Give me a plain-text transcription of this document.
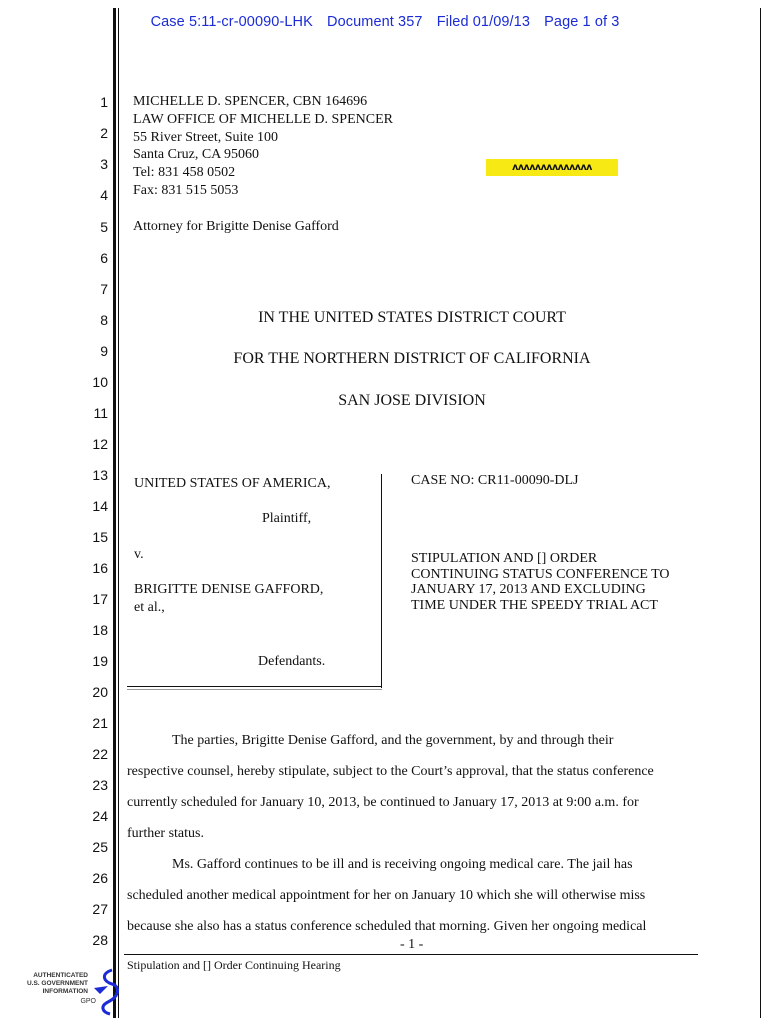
Case 5:11-cr-00090-LHK Document 357 Filed 01/09/13 Page 1 of 3
1
2
3
4
5
6
7
8
9
10
11
12
13
14
15
16
17
18
19
20
21
22
23
24
25
26
27
28
MICHELLE D. SPENCER, CBN 164696
LAW OFFICE OF MICHELLE D. SPENCER
55 River Street, Suite 100
Santa Cruz, CA 95060
Tel: 831 458 0502
Fax: 831 515 5053
ᴧᴧᴧᴧᴧᴧᴧᴧᴧᴧᴧᴧᴧᴧ
Attorney for Brigitte Denise Gafford
IN THE UNITED STATES DISTRICT COURT
FOR THE NORTHERN DISTRICT OF CALIFORNIA
SAN JOSE DIVISION
UNITED STATES OF AMERICA,
Plaintiff,
v.
BRIGITTE DENISE GAFFORD,
et al.,
Defendants.
CASE NO: CR11-00090-DLJ
STIPULATION AND [] ORDER
CONTINUING STATUS CONFERENCE TO
JANUARY 17, 2013 AND EXCLUDING
TIME UNDER THE SPEEDY TRIAL ACT
The parties, Brigitte Denise Gafford, and the government, by and through their
respective counsel, hereby stipulate, subject to the Court’s approval, that the status conference
currently scheduled for January 10, 2013, be continued to January 17, 2013 at 9:00 a.m. for
further status.
Ms. Gafford continues to be ill and is receiving ongoing medical care. The jail has
scheduled another medical appointment for her on January 10 which she will otherwise miss
because she also has a status conference scheduled that morning. Given her ongoing medical
- 1 -
Stipulation and [] Order Continuing Hearing
AUTHENTICATED
U.S. GOVERNMENT
INFORMATION
GPO
